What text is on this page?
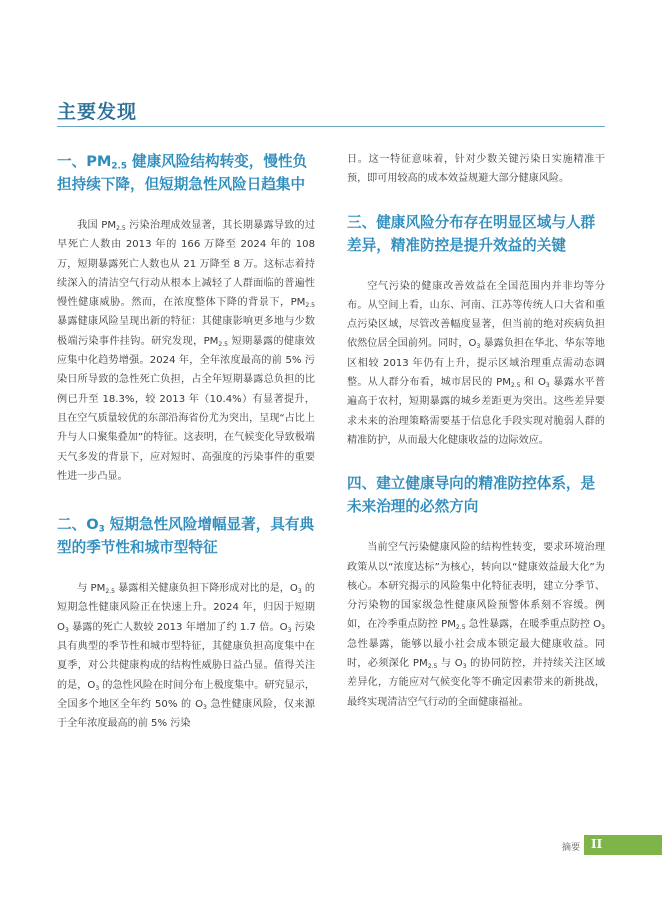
主要发现
一、$PM_{2.5}$ 健康风险结构转变，慢性负担持续下降，但短期急性风险日趋集中

我国 $PM_{2.5}$ 污染治理成效显著，其长期暴露导致的过早死亡人数由 2013 年的 166 万降至 2024 年的 108 万，短期暴露死亡人数也从 21 万降至 8 万。这标志着持续深入的清洁空气行动从根本上减轻了人群面临的普遍性慢性健康威胁。然而，在浓度整体下降的背景下，$PM_{2.5}$ 暴露健康风险呈现出新的特征：其健康影响更多地与少数极端污染事件挂钩。研究发现，$PM_{2.5}$ 短期暴露的健康效应集中化趋势增强。2024 年，全年浓度最高的前 5% 污染日所导致的急性死亡负担，占全年短期暴露总负担的比例已升至 18.3%，较 2013 年（10.4%）有显著提升，且在空气质量较优的东部沿海省份尤为突出，呈现“占比上升与人口聚集叠加”的特征。这表明，在气候变化导致极端天气多发的背景下，应对短时、高强度的污染事件的重要性进一步凸显。

二、$O_3$ 短期急性风险增幅显著，具有典型的季节性和城市型特征

与 $PM_{2.5}$ 暴露相关健康负担下降形成对比的是，$O_3$ 的短期急性健康风险正在快速上升。2024 年，归因于短期 $O_3$ 暴露的死亡人数较 2013 年增加了约 1.7 倍。$O_3$ 污染具有典型的季节性和城市型特征，其健康负担高度集中在夏季，对公共健康构成的结构性威胁日益凸显。值得关注的是，$O_3$ 的急性风险在时间分布上极度集中。研究显示，全国多个地区全年约 50% 的 $O_3$ 急性健康风险，仅来源于全年浓度最高的前 5% 污染

日。这一特征意味着，针对少数关键污染日实施精准干预，即可用较高的成本效益规避大部分健康风险。

三、健康风险分布存在明显区域与人群差异，精准防控是提升效益的关键

空气污染的健康改善效益在全国范围内并非均等分布。从空间上看，山东、河南、江苏等传统人口大省和重点污染区域，尽管改善幅度显著，但当前的绝对疾病负担依然位居全国前列。同时，$O_3$ 暴露负担在华北、华东等地区相较 2013 年仍有上升，提示区域治理重点需动态调整。从人群分布看，城市居民的 $PM_{2.5}$ 和 $O_3$ 暴露水平普遍高于农村，短期暴露的城乡差距更为突出。这些差异要求未来的治理策略需要基于信息化手段实现对脆弱人群的精准防护，从而最大化健康收益的边际效应。

四、建立健康导向的精准防控体系，是未来治理的必然方向

当前空气污染健康风险的结构性转变，要求环境治理政策从以“浓度达标”为核心，转向以“健康效益最大化”为核心。本研究揭示的风险集中化特征表明，建立分季节、分污染物的国家级急性健康风险预警体系刻不容缓。例如，在冷季重点防控 $PM_{2.5}$ 急性暴露，在暖季重点防控 $O_3$ 急性暴露，能够以最小社会成本锁定最大健康收益。同时，必须深化 $PM_{2.5}$ 与 $O_3$ 的协同防控，并持续关注区域差异化，方能应对气候变化等不确定因素带来的新挑战，最终实现清洁空气行动的全面健康福祉。

摘要 II
